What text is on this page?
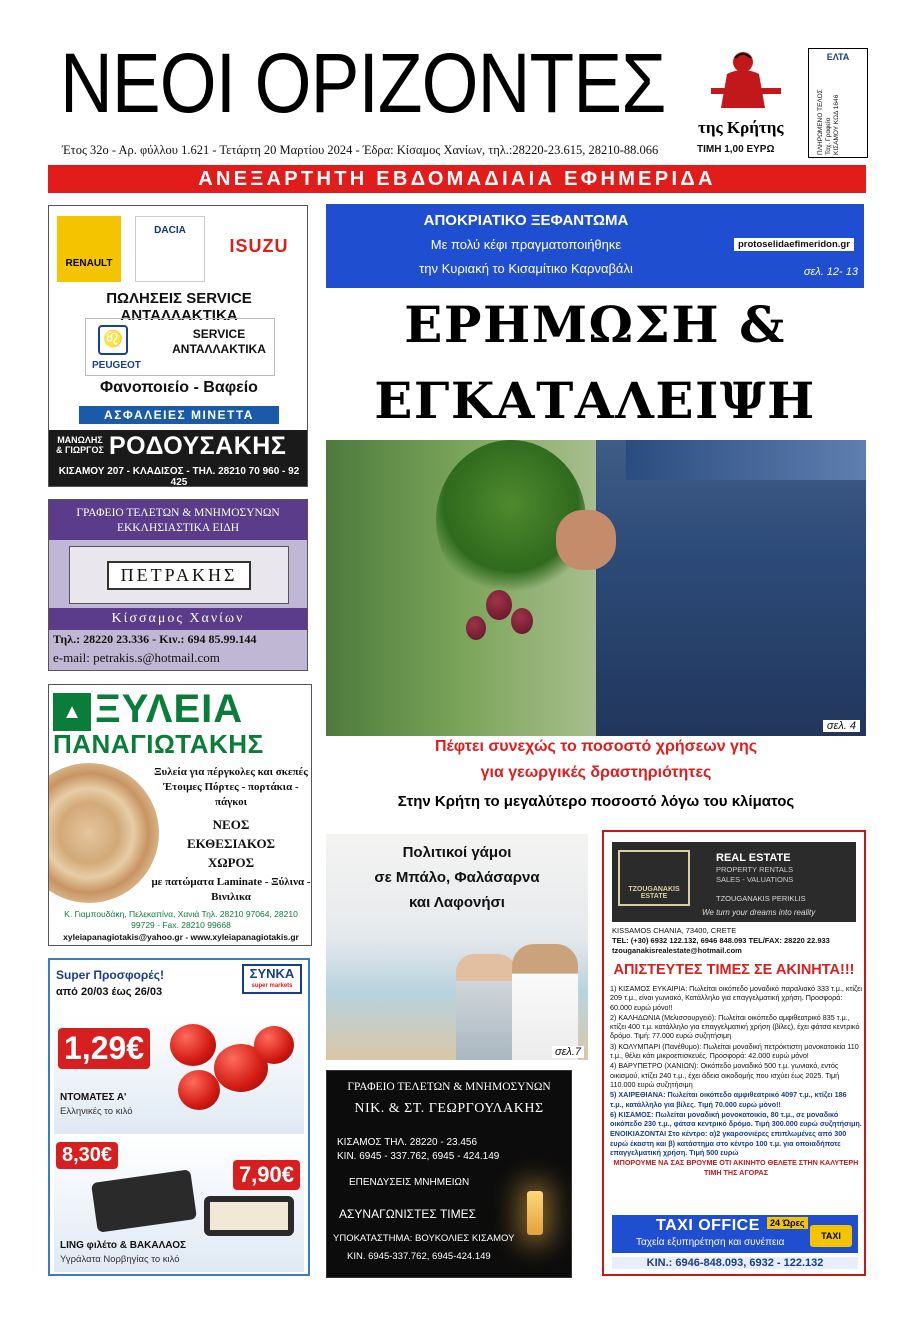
ΝΕΟΙ ΟΡΙΖΟΝΤΕΣ της Κρήτης
ΕΛΤΑ
ΠΛΗΡΩΜΕΝΟ ΤΕΛΟΣ Ταχ. Γραφείο ΚΙΣΑΜΟΥ ΚΩΔ 1646
Έτος 32ο - Αρ. φύλλου 1.621 - Τετάρτη 20 Μαρτίου 2024 - Έδρα: Κίσαμος Χανίων, τηλ.:28220-23.615, 28210-88.066	ΤΙΜΗ 1,00 ΕΥΡΩ
ΑΝΕΞΑΡΤΗΤΗ ΕΒΔΟΜΑΔΙΑΙΑ ΕΦΗΜΕΡΙΔΑ
RENAULT
DACIA
ISUZU
ΠΩΛΗΣΕΙΣ SERVICE ΑΝΤΑΛΛΑΚΤΙΚΑ
♌
PEUGEOT
SERVICE ΑΝΤΑΛΛΑΚΤΙΚΑ
Φανοποιείο - Βαφείο
ΑΣΦΑΛΕΙΕΣ ΜΙΝΕΤΤΑ
ΜΑΝΩΛΗΣ & ΓΙΩΡΓΟΣ ΡΟΔΟΥΣΑΚΗΣ
ΚΙΣΑΜΟΥ 207 - ΚΛΑΔΙΣΟΣ - ΤΗΛ. 28210 70 960 - 92 425
ΓΡΑΦΕΙΟ ΤΕΛΕΤΩΝ & ΜΝΗΜΟΣΥΝΩΝ
ΕΚΚΛΗΣΙΑΣΤΙΚΑ ΕΙΔΗ
ΠΕΤΡΑΚΗΣ
Κίσσαμος Χανίων
Τηλ.: 28220 23.336 - Κιν.: 694 85.99.144
e-mail: petrakis.s@hotmail.com
▲ ΞΥΛΕΙΑ
ΠΑΝΑΓΙΩΤΑΚΗΣ
Ξυλεία για πέργκολες και σκεπές
Έτοιμες Πόρτες - πορτάκια - πάγκοι
ΝΕΟΣ
ΕΚΘΕΣΙΑΚΟΣ
ΧΩΡΟΣ
με πατώματα Laminate - Ξύλινα - Βινιλικα
Κ. Γιαμπουδάκη, Πελεκαπίνα, Χανιά Τηλ. 28210 97064, 28210 99729 - Fax. 28210 99668
xyleiapanagiotakis@yahoo.gr - www.xyleiapanagiotakis.gr
Super Προσφορές!
από 20/03 έως 26/03
ΣΥΝΚΑ
super markets
1,29€
ΝΤΟΜΑΤΕΣ Α'
Ελληνικές το κιλό
8,30€
7,90€
LING φιλέτο & ΒΑΚΑΛΑΟΣ
Υγράλατα Νορβηγίας το κιλό
ΑΠΟΚΡΙΑΤΙΚΟ ΞΕΦΑΝΤΩΜΑ
Με πολύ κέφι πραγματοποιήθηκε
την Κυριακή το Κισαμίτικο Καρναβάλι
protoselidaefimeridon.gr
σελ. 12- 13
ΕΡΗΜΩΣΗ &
ΕΓΚΑΤΑΛΕΙΨΗ
σελ. 4
Πέφτει συνεχώς το ποσοστό χρήσεων γης
για γεωργικές δραστηριότητες
Στην Κρήτη το μεγαλύτερο ποσοστό λόγω του κλίματος
Πολιτικοί γάμοι
σε Μπάλο, Φαλάσαρνα
και Λαφονήσι
σελ.7
ΓΡΑΦΕΙΟ ΤΕΛΕΤΩΝ & ΜΝΗΜΟΣΥΝΩΝ
ΝΙΚ. & ΣΤ. ΓΕΩΡΓΟΥΛΑΚΗΣ
ΚΙΣΑΜΟΣ ΤΗΛ. 28220 - 23.456
ΚΙΝ. 6945 - 337.762, 6945 - 424.149
ΕΠΕΝΔΥΣΕΙΣ ΜΝΗΜΕΙΩΝ
ΑΣΥΝΑΓΩΝΙΣΤΕΣ ΤΙΜΕΣ
ΥΠΟΚΑΤΑΣΤΗΜΑ: ΒΟΥΚΟΛΙΕΣ ΚΙΣΑΜΟΥ
ΚΙΝ. 6945-337.762, 6945-424.149
TZOUGANAKIS ESTATE
REAL ESTATE
PROPERTY RENTALS
SALES - VALUATIONS
TZOUGANAKIS PERIKLIS
We turn your dreams into reality
KISSAMOS CHANIA, 73400, CRETE
TEL: (+30) 6932 122.132, 6946 848.093 TEL/FAX: 28220 22.933
tzouganakisrealestate@hotmail.com
ΑΠΙΣΤΕΥΤΕΣ ΤΙΜΕΣ ΣΕ ΑΚΙΝΗΤΑ!!!

1) ΚΙΣΑΜΟΣ ΕΥΚΑΙΡΙΑ: Πωλείται οικόπεδο μοναδικό παραλιακό 333 τ.μ., κτίζει 209 τ.μ., είναι γωνιακό, Κατάλληλο για επαγγελματική χρήση. Προσφορά: 60.000 ευρώ μόνο!!

2) ΚΑΛΗΔΩΝΙΑ (Μελισσουργειό): Πωλείται οικόπεδο αμφιθεατρικό 835 τ.μ., κτίζει 400 τ.μ. κατάλληλο για επαγγελματική χρήση (βίλες), έχει φάτσα κεντρικό δρόμο. Τιμή: 77.000 ευρώ συζητήσιμη

3) ΚΟΛΥΜΠΑΡΙ (Πανέθυμο): Πωλείται μοναδική πετρόκτιστη μονοκατοικία 110 τ.μ., θέλει κάτι μικροεπισκευές. Προσφορά: 42.000 ευρώ μόνο!

4) ΒΑΡΥΠΕΤΡΟ (ΧΑΝΙΩΝ): Οικόπεδο μοναδικό 500 τ.μ. γωνιακό, εντός οικισμού, κτίζει 240 τ.μ., έχει άδεια οικοδομής που ισχύει έως 2025. Τιμή 110.000 ευρώ συζητήσιμη

5) ΧΑΙΡΕΘΙΑΝΑ: Πωλείται οικόπεδο αμφιθεατρικό 4097 τ.μ., κτίζει 186 τ.μ., κατάλληλο για βίλες. Τιμή 70.000 ευρώ μόνο!!

6) ΚΙΣΑΜΟΣ: Πωλείται μοναδική μονοκατοικία, 80 τ.μ., σε μοναδικό οικόπεδο 230 τ.μ., φάτσα κεντρικό δρόμο. Τιμή 300.000 ευρώ συζητήσιμη.

ΕΝΟΙΚΙΑΖΟΝΤΑΙ Στο κέντρο: α)2 γκαρσονιέρες επιπλωμένες από 300 ευρώ έκαστη και β) κατάστημα στο κέντρο 100 τ.μ. για οποιαδήποτε επαγγελματική χρήση. Τιμή 500 ευρώ

ΜΠΟΡΟΥΜΕ ΝΑ ΣΑΣ ΒΡΟΥΜΕ ΟΤΙ ΑΚΙΝΗΤΟ ΘΕΛΕΤΕ ΣΤΗΝ ΚΑΛΥΤΕΡΗ ΤΙΜΗ ΤΗΣ ΑΓΟΡΑΣ

TAXI OFFICE	24 Ώρες
Ταχεία εξυπηρέτηση και συνέπεια
TAXI
ΚΙΝ.: 6946-848.093, 6932 - 122.132
